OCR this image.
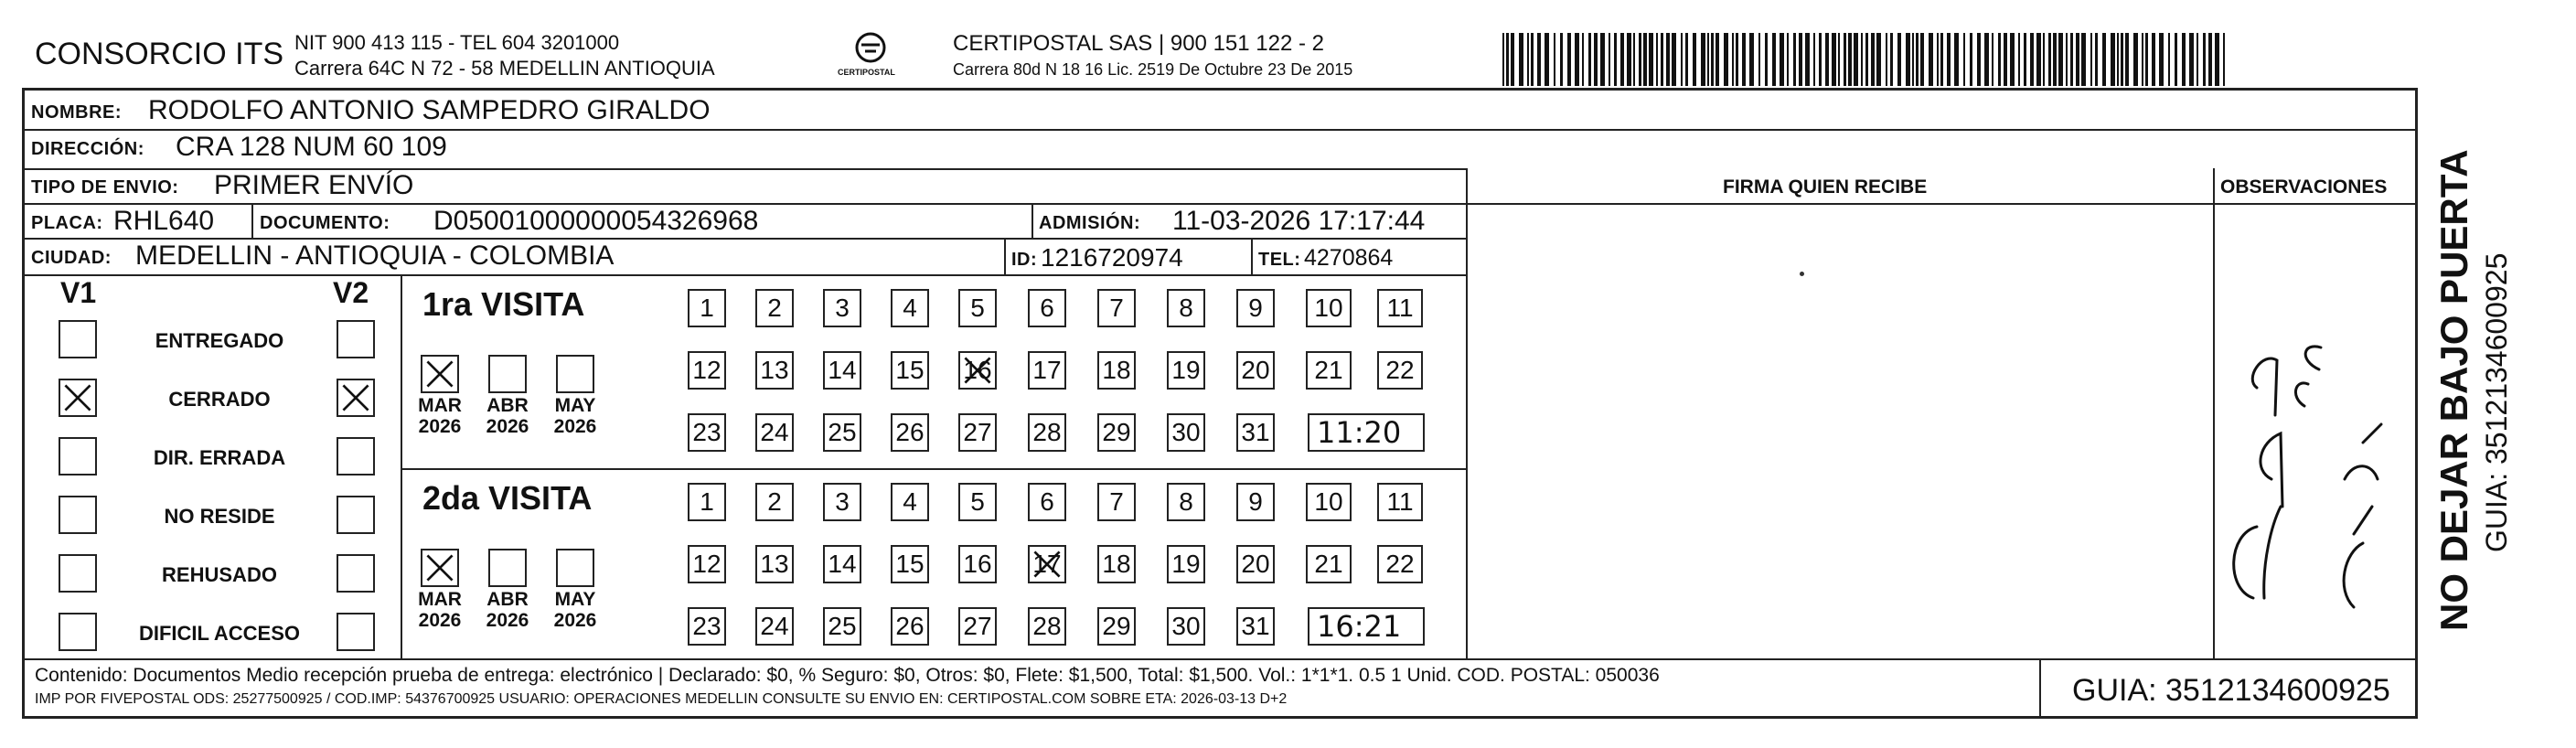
CONSORCIO ITS NIT 900 413 115 - TEL 604 3201000
Carrera 64C N 72 - 58 MEDELLIN ANTIOQUIA	CERTIPOSTAL
CERTIPOSTAL SAS | 900 151 122 - 2
Carrera 80d N 18 16 Lic. 2519 De Octubre 23 De 2015
NOMBRE: RODOLFO ANTONIO SAMPEDRO GIRALDO
DIRECCIÓN: CRA 128 NUM 60 109
TIPO DE ENVIO: PRIMER ENVÍO
PLACA: RHL640 DOCUMENTO: D05001000000054326968	ADMISIÓN: 11-03-2026 17:17:44
CIUDAD: MEDELLIN - ANTIOQUIA - COLOMBIA	ID: 1216720974	TEL: 4270864
FIRMA QUIEN RECIBE	OBSERVACIONES NO DEJAR BAJO PUERTA GUIA: 3512134600925
V1	V2
ENTREGADO
CERRADO
DIR. ERRADA
NO RESIDE
REHUSADO
DIFICIL ACCESO
1ra VISITA
MAR
2026
ABR
2026
MAY
2026
1	2	3	4	5	6	7	8	9	10	11
12 13 14 15 16 17 18 19 20	21	22
23 24 25 26 27 28 29 30 31	11:20
2da VISITA
MAR
2026
ABR
2026
MAY
2026
1	2	3	4	5	6	7	8	9	10	11
12 13 14 15 16 17 18 19 20	21	22
23 24 25 26 27 28 29 30 31	16:21
Contenido: Documentos Medio recepción prueba de entrega: electrónico | Declarado: $0, % Seguro: $0, Otros: $0, Flete: $1,500, Total: $1,500. Vol.: 1*1*1. 0.5 1 Unid. COD. POSTAL: 050036
IMP POR FIVEPOSTAL ODS: 25277500925 / COD.IMP: 54376700925 USUARIO: OPERACIONES MEDELLIN CONSULTE SU ENVIO EN: CERTIPOSTAL.COM SOBRE ETA: 2026-03-13 D+2	GUIA: 3512134600925
